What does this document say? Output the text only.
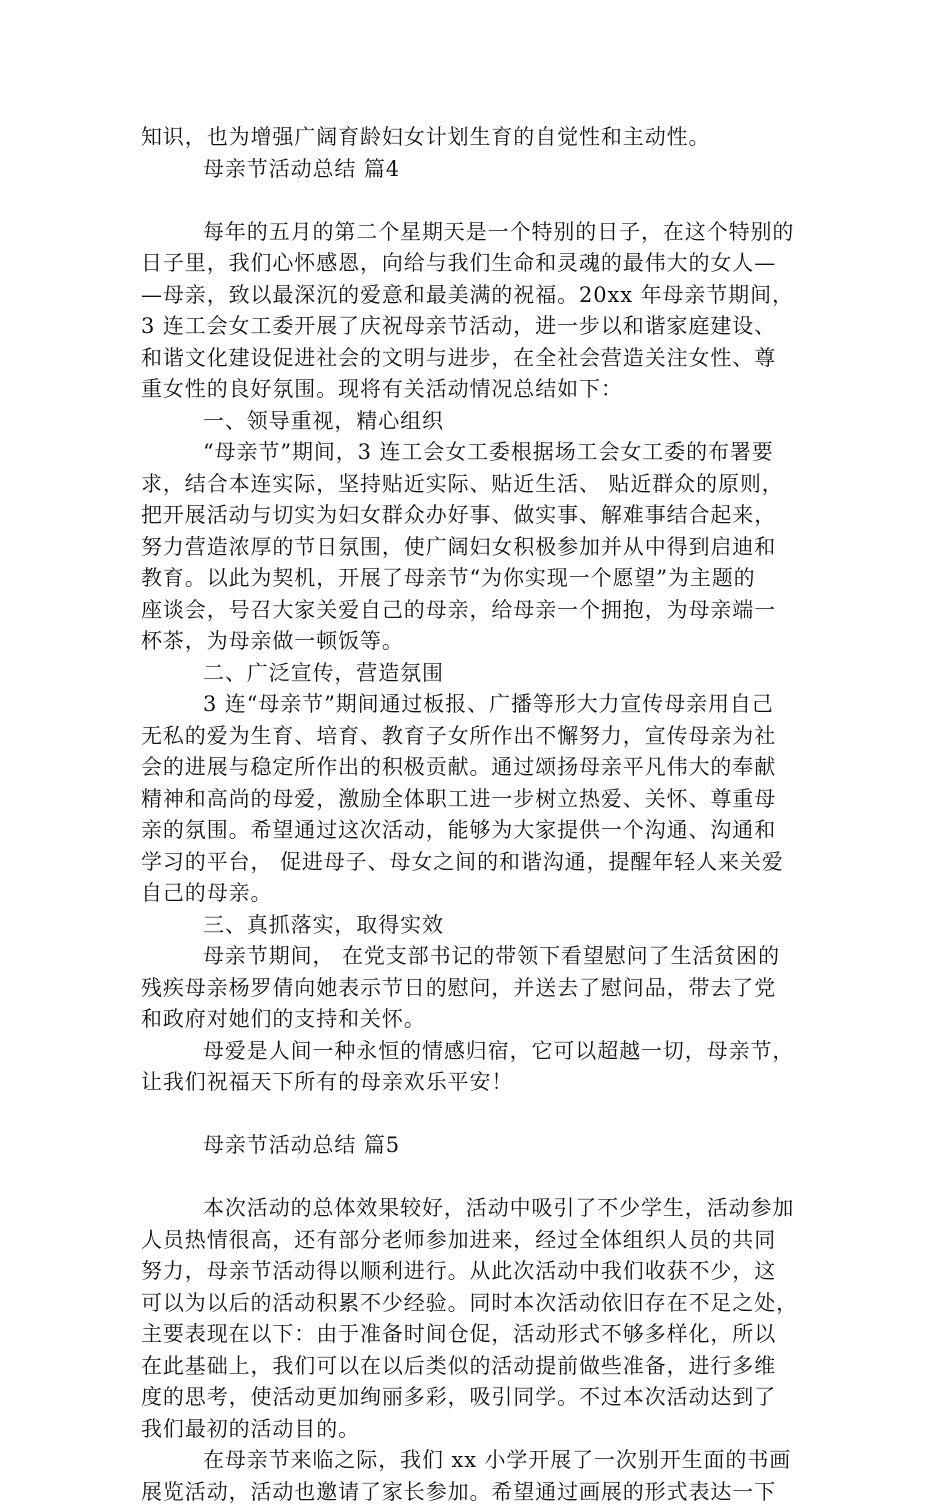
知识，也为增强广阔育龄妇女计划生育的自觉性和主动性。
母亲节活动总结 篇4
每年的五月的第二个星期天是一个特别的日子，在这个特别的
日子里，我们心怀感恩，向给与我们生命和灵魂的最伟大的女人—
—母亲，致以最深沉的爱意和最美满的祝福。20xx 年母亲节期间，
3 连工会女工委开展了庆祝母亲节活动，进一步以和谐家庭建设、
和谐文化建设促进社会的文明与进步，在全社会营造关注女性、尊
重女性的良好氛围。现将有关活动情况总结如下：
一、领导重视，精心组织
“母亲节”期间，3 连工会女工委根据场工会女工委的布署要
求，结合本连实际，坚持贴近实际、贴近生活、 贴近群众的原则，
把开展活动与切实为妇女群众办好事、做实事、解难事结合起来，
努力营造浓厚的节日氛围，使广阔妇女积极参加并从中得到启迪和
教育。以此为契机，开展了母亲节“为你实现一个愿望”为主题的
座谈会，号召大家关爱自己的母亲，给母亲一个拥抱，为母亲端一
杯茶，为母亲做一顿饭等。
二、广泛宣传，营造氛围
3 连“母亲节”期间通过板报、广播等形大力宣传母亲用自己
无私的爱为生育、培育、教育子女所作出不懈努力，宣传母亲为社
会的进展与稳定所作出的积极贡献。通过颂扬母亲平凡伟大的奉献
精神和高尚的母爱，激励全体职工进一步树立热爱、关怀、尊重母
亲的氛围。希望通过这次活动，能够为大家提供一个沟通、沟通和
学习的平台， 促进母子、母女之间的和谐沟通，提醒年轻人来关爱
自己的母亲。
三、真抓落实，取得实效
母亲节期间， 在党支部书记的带领下看望慰问了生活贫困的
残疾母亲杨罗倩向她表示节日的慰问，并送去了慰问品，带去了党
和政府对她们的支持和关怀。
母爱是人间一种永恒的情感归宿，它可以超越一切，母亲节，
让我们祝福天下所有的母亲欢乐平安！
母亲节活动总结 篇5
本次活动的总体效果较好，活动中吸引了不少学生，活动参加
人员热情很高，还有部分老师参加进来，经过全体组织人员的共同
努力，母亲节活动得以顺利进行。从此次活动中我们收获不少，这
可以为以后的活动积累不少经验。同时本次活动依旧存在不足之处，
主要表现在以下：由于准备时间仓促，活动形式不够多样化，所以
在此基础上，我们可以在以后类似的活动提前做些准备，进行多维
度的思考，使活动更加绚丽多彩，吸引同学。不过本次活动达到了
我们最初的活动目的。
在母亲节来临之际，我们 xx 小学开展了一次别开生面的书画
展览活动，活动也邀请了家长参加。希望通过画展的形式表达一下
